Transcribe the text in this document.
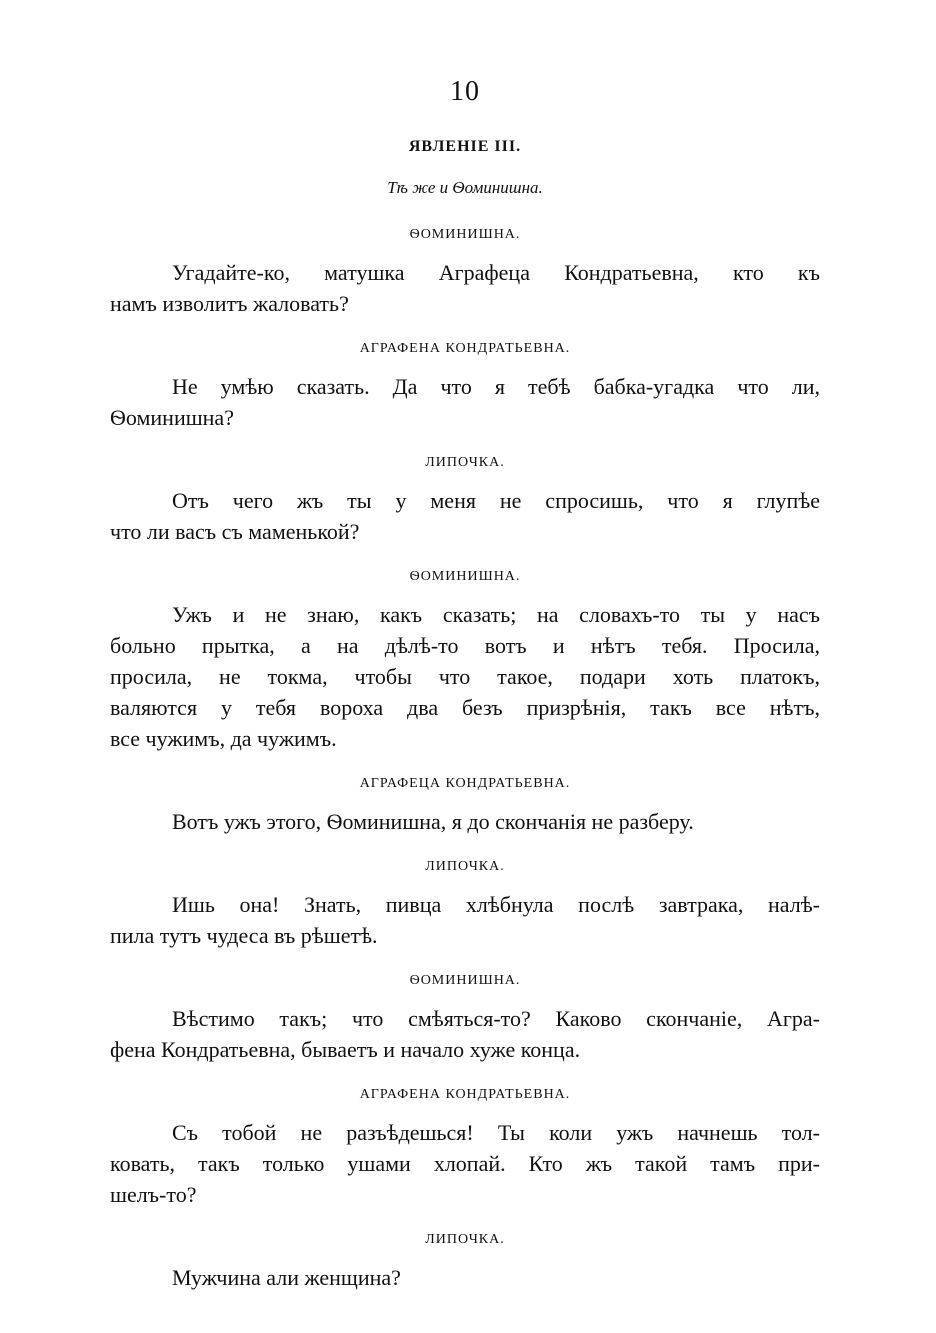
10
ЯВЛЕНІЕ III.
Тѣ же и Ѳоминишна.
ѲОМИНИШНА.
Угадайте-ко, матушка Аграфеца Кондратьевна, кто къ
намъ изволитъ жаловать?
АГРАФЕНА КОНДРАТЬЕВНА.
Не умѣю сказать. Да что я тебѣ бабка-угадка что ли,
Ѳоминишна?
ЛИПОЧКА.
Отъ чего жъ ты у меня не спросишь, что я глупѣе
что ли васъ съ маменькой?
ѲОМИНИШНА.
Ужъ и не знаю, какъ сказать; на словахъ-то ты у насъ
больно прытка, а на дѣлѣ-то вотъ и нѣтъ тебя. Просила,
просила, не токма, чтобы что такое, подари хоть платокъ,
валяются у тебя вороха два безъ призрѣнія, такъ все нѣтъ,
все чужимъ, да чужимъ.
АГРАФЕЦА КОНДРАТЬЕВНА.
Вотъ ужъ этого, Ѳоминишна, я до скончанія не разберу.
ЛИПОЧКА.
Ишь она! Знать, пивца хлѣбнула послѣ завтрака, налѣ-
пила тутъ чудеса въ рѣшетѣ.
ѲОМИНИШНА.
Вѣстимо такъ; что смѣяться-то? Каково скончаніе, Агра-
фена Кондратьевна, бываетъ и начало хуже конца.
АГРАФЕНА КОНДРАТЬЕВНА.
Съ тобой не разъѣдешься! Ты коли ужъ начнешь тол-
ковать, такъ только ушами хлопай. Кто жъ такой тамъ при-
шелъ-то?
ЛИПОЧКА.
Мужчина али женщина?
